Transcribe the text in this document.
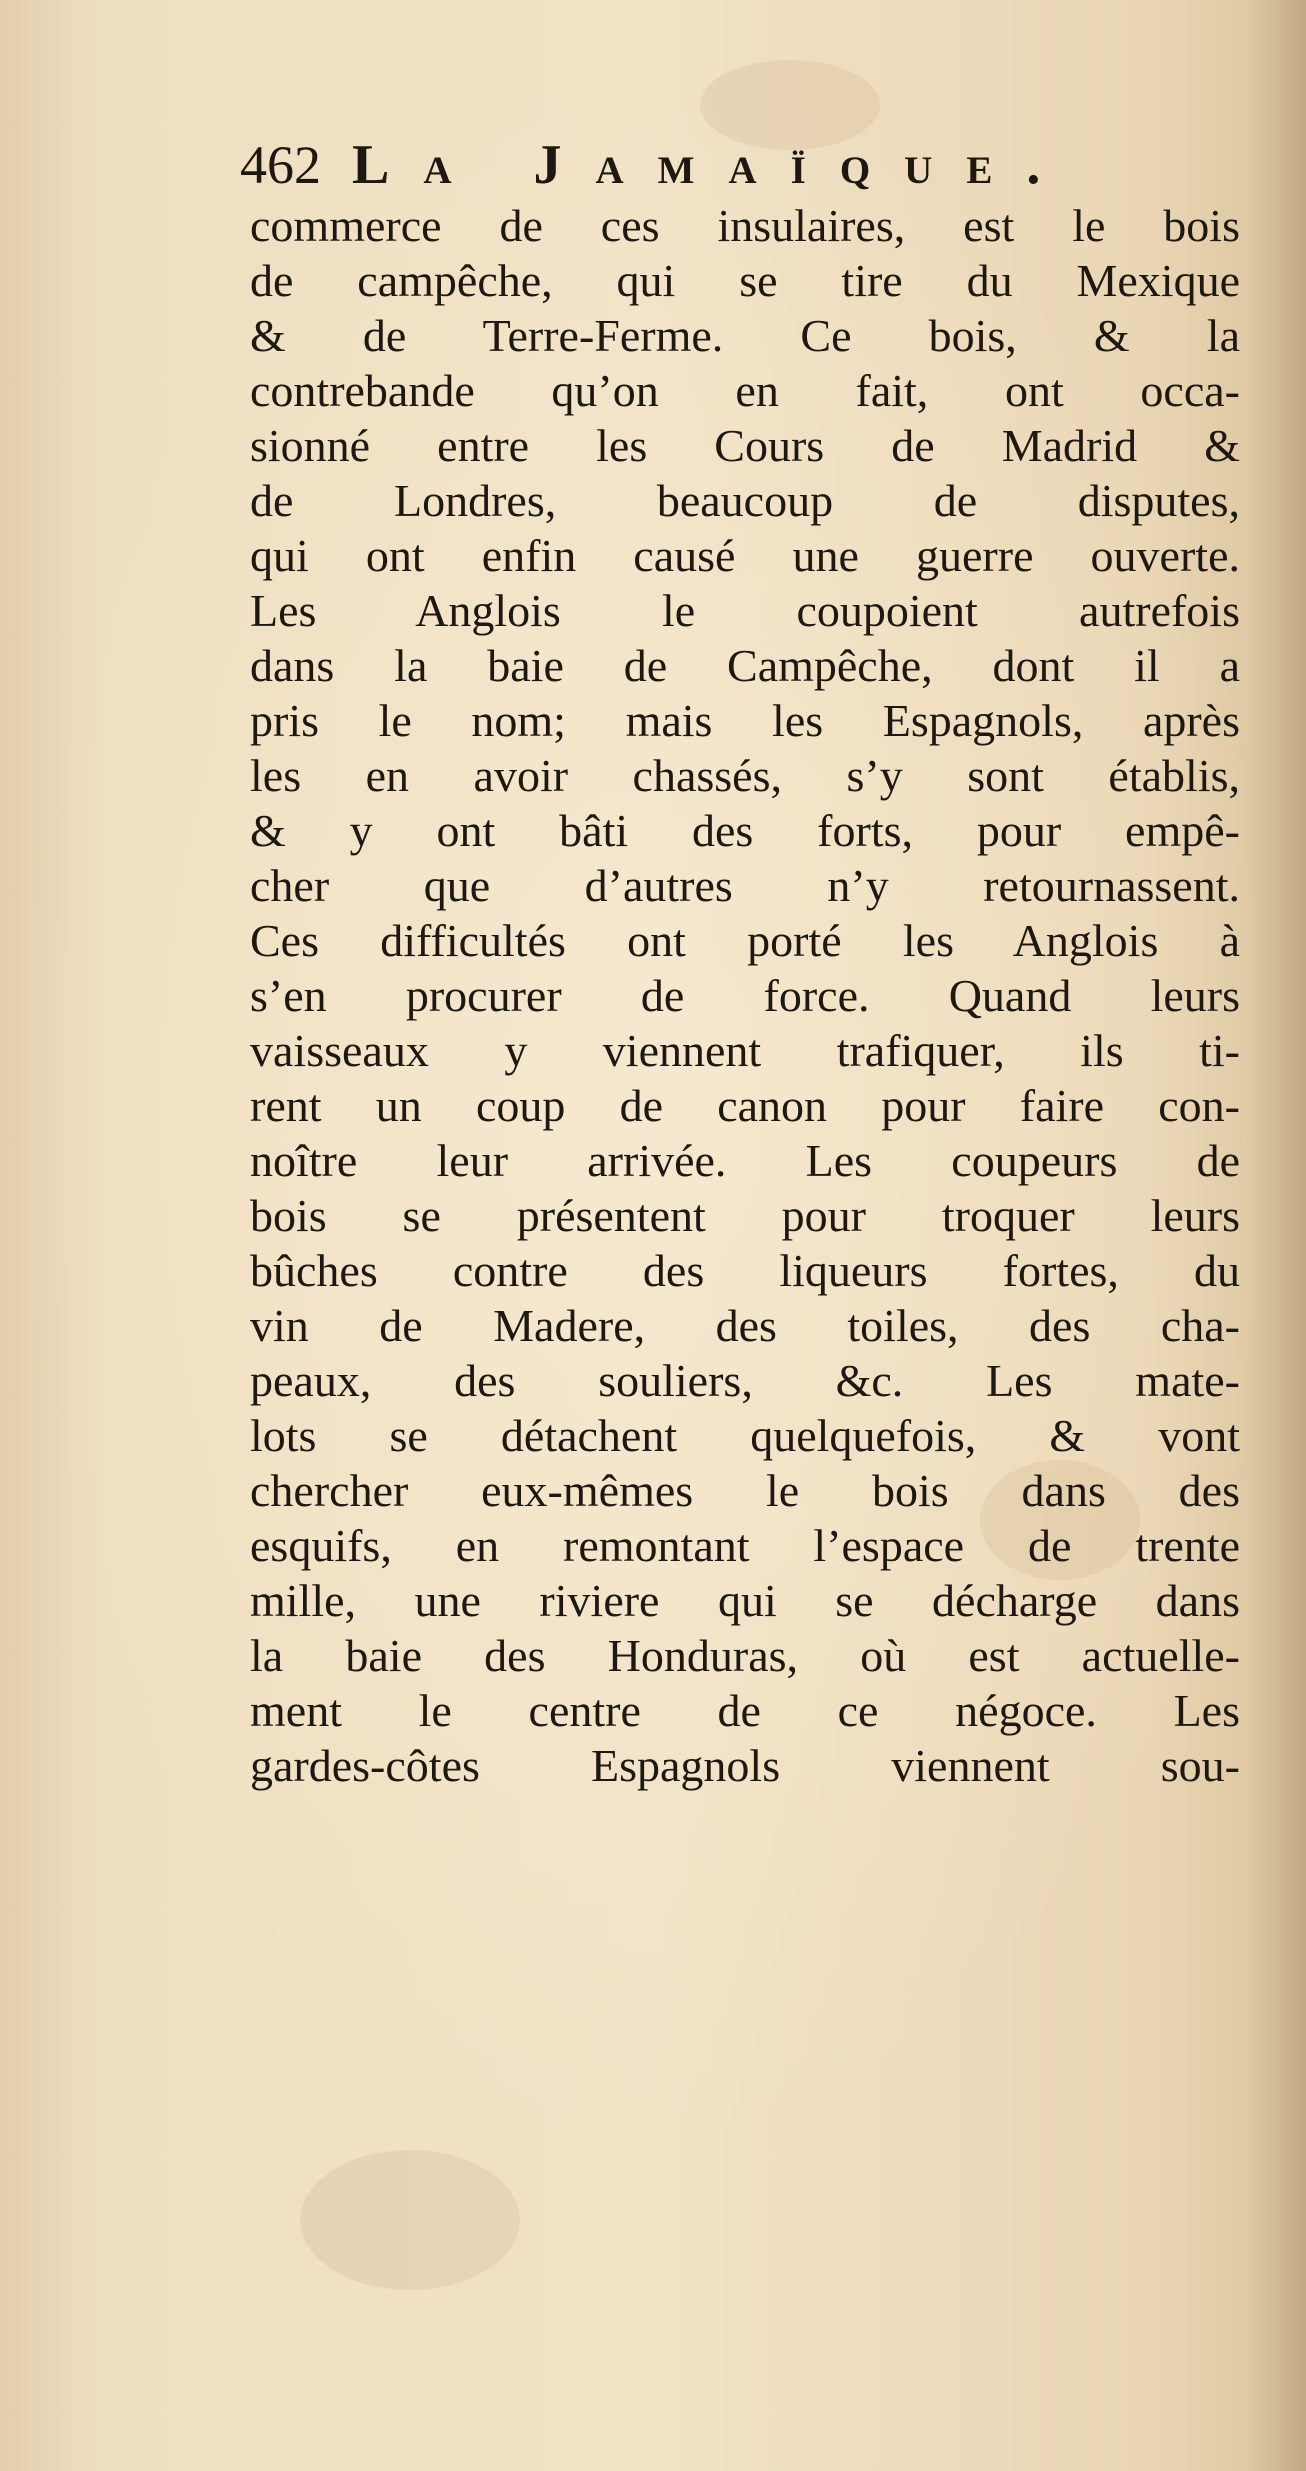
462 La Jamaïque.
commerce de ces insulaires, est le bois
de campêche, qui se tire du Mexique
& de Terre-Ferme. Ce bois, & la
contrebande qu’on en fait, ont occa-
sionné entre les Cours de Madrid &
de Londres, beaucoup de disputes,
qui ont enfin causé une guerre ouverte.
Les Anglois le coupoient autrefois
dans la baie de Campêche, dont il a
pris le nom; mais les Espagnols, après
les en avoir chassés, s’y sont établis,
& y ont bâti des forts, pour empê-
cher que d’autres n’y retournassent.
Ces difficultés ont porté les Anglois à
s’en procurer de force. Quand leurs
vaisseaux y viennent trafiquer, ils ti-
rent un coup de canon pour faire con-
noître leur arrivée. Les coupeurs de
bois se présentent pour troquer leurs
bûches contre des liqueurs fortes, du
vin de Madere, des toiles, des cha-
peaux, des souliers, &c. Les mate-
lots se détachent quelquefois, & vont
chercher eux-mêmes le bois dans des
esquifs, en remontant l’espace de trente
mille, une riviere qui se décharge dans
la baie des Honduras, où est actuelle-
ment le centre de ce négoce. Les
gardes-côtes Espagnols viennent sou-
